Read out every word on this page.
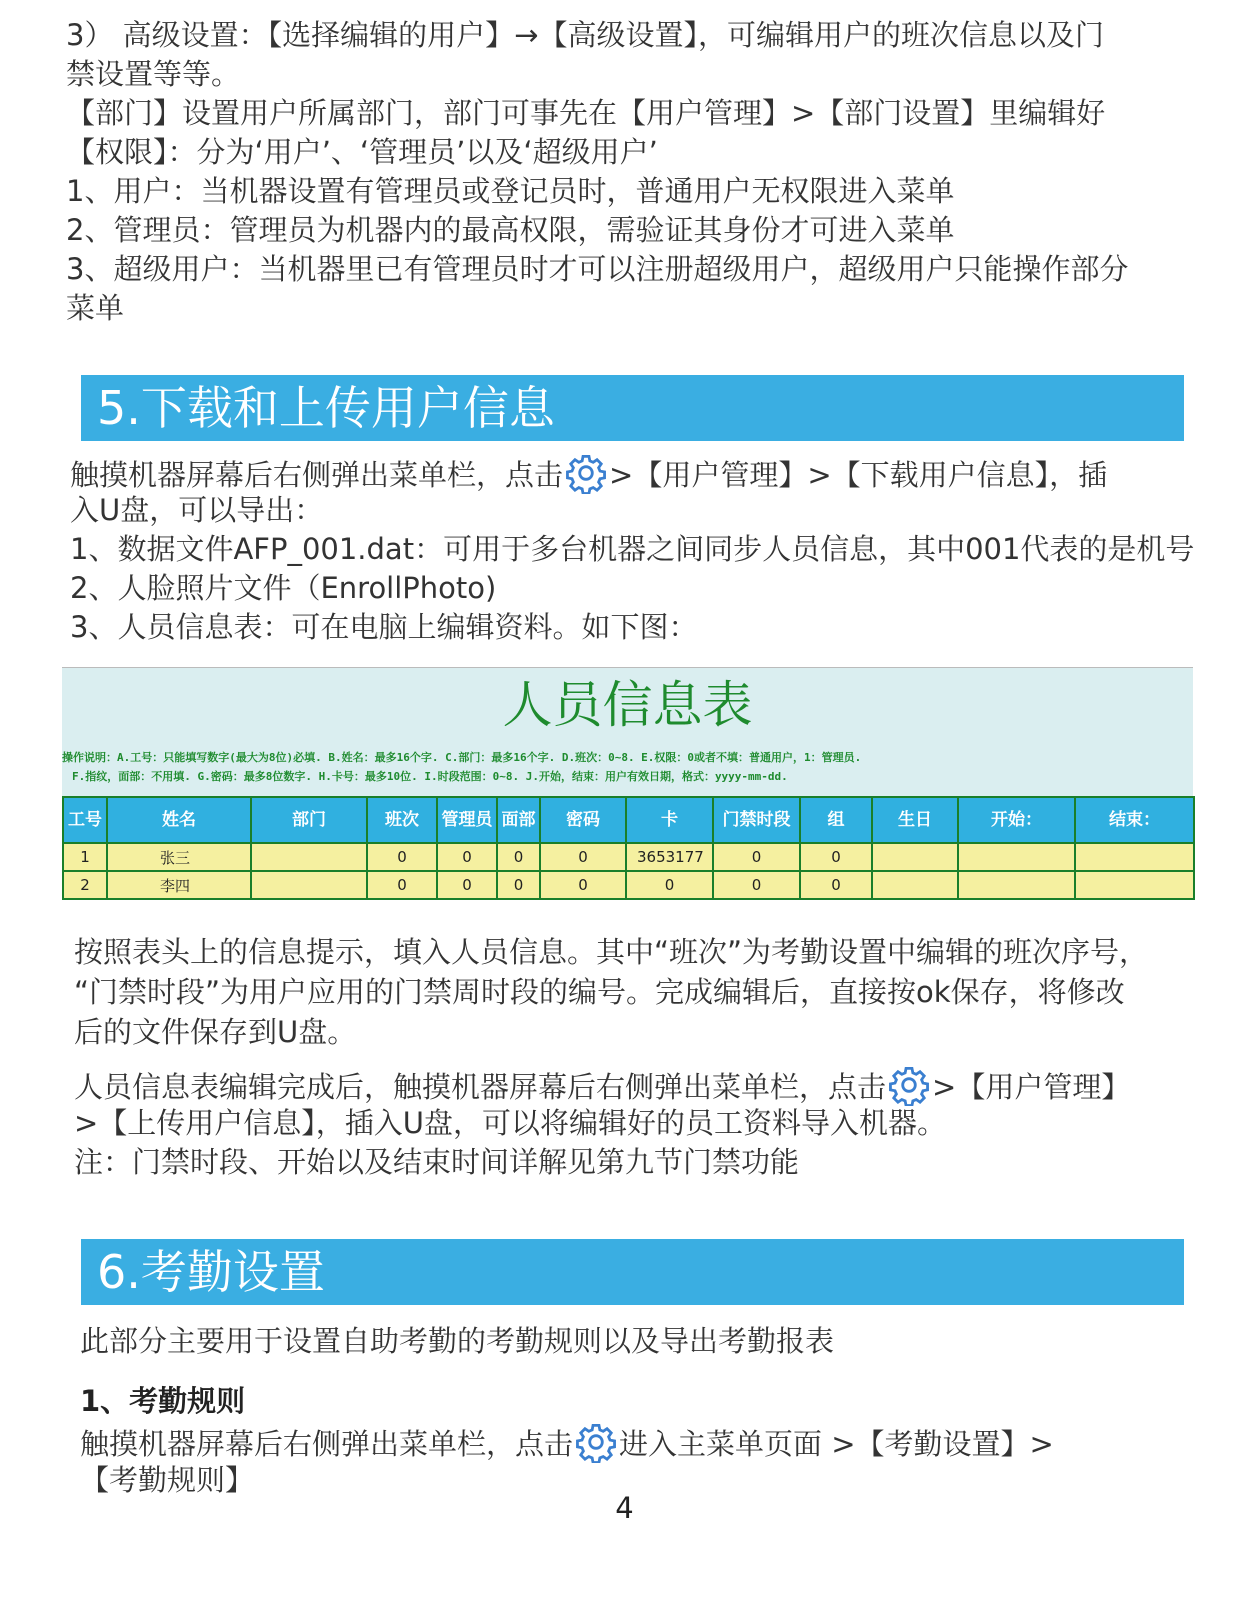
3） 高级设置：【选择编辑的用户】→【高级设置】，可编辑用户的班次信息以及门

禁设置等等。

【部门】设置用户所属部门，部门可事先在【用户管理】>【部门设置】里编辑好

【权限】：分为‘用户’、‘管理员’以及‘超级用户’

1、用户：当机器设置有管理员或登记员时，普通用户无权限进入菜单

2、管理员：管理员为机器内的最高权限，需验证其身份才可进入菜单

3、超级用户：当机器里已有管理员时才可以注册超级用户，超级用户只能操作部分

菜单

5.下载和上传用户信息

触摸机器屏幕后右侧弹出菜单栏，点击 >【用户管理】>【下载用户信息】，插

入U盘，可以导出：

1、数据文件AFP_001.dat：可用于多台机器之间同步人员信息，其中001代表的是机号

2、人脸照片文件（EnrollPhoto)

3、人员信息表：可在电脑上编辑资料。如下图：

人员信息表
操作说明：A.工号：只能填写数字(最大为8位)必填. B.姓名：最多16个字. C.部门：最多16个字. D.班次：0~8. E.权限：0或者不填：普通用户，1：管理员.
F.指纹，面部：不用填. G.密码：最多8位数字. H.卡号：最多10位. I.时段范围：0~8. J.开始，结束：用户有效日期，格式：yyyy-mm-dd.
工号	姓名	部门	班次	管理员	面部	密码	卡	门禁时段	组	生日	开始：	结束：
1	张三		0	0	0	0	3653177	0	0			
2	李四		0	0	0	0	0	0	0			

按照表头上的信息提示，填入人员信息。其中“班次”为考勤设置中编辑的班次序号，

“门禁时段”为用户应用的门禁周时段的编号。完成编辑后，直接按ok保存，将修改

后的文件保存到U盘。

人员信息表编辑完成后，触摸机器屏幕后右侧弹出菜单栏，点击 >【用户管理】

>【上传用户信息】，插入U盘，可以将编辑好的员工资料导入机器。

注：门禁时段、开始以及结束时间详解见第九节门禁功能

6.考勤设置

此部分主要用于设置自助考勤的考勤规则以及导出考勤报表

1、考勤规则

触摸机器屏幕后右侧弹出菜单栏，点击 进入主菜单页面 >【考勤设置】>

【考勤规则】

4
